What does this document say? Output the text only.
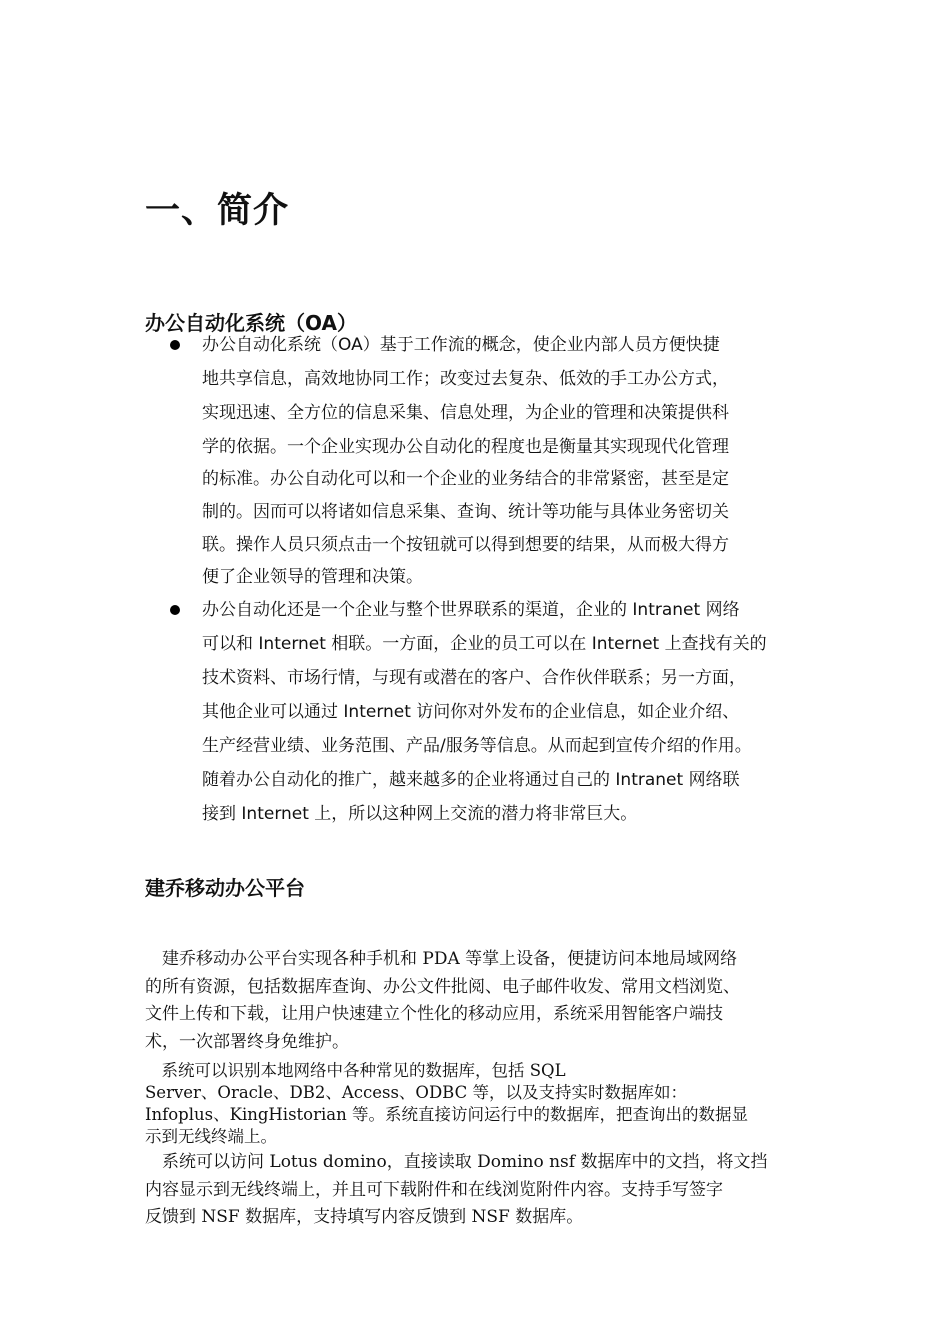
一、简介
办公自动化系统（OA）

办公自动化系统（OA）基于工作流的概念，使企业内部人员方便快捷

地共享信息，高效地协同工作；改变过去复杂、低效的手工办公方式，

实现迅速、全方位的信息采集、信息处理，为企业的管理和决策提供科

学的依据。一个企业实现办公自动化的程度也是衡量其实现现代化管理

的标准。办公自动化可以和一个企业的业务结合的非常紧密，甚至是定

制的。因而可以将诸如信息采集、查询、统计等功能与具体业务密切关

联。操作人员只须点击一个按钮就可以得到想要的结果，从而极大得方

便了企业领导的管理和决策。

办公自动化还是一个企业与整个世界联系的渠道，企业的 Intranet 网络

可以和 Internet 相联。一方面，企业的员工可以在 Internet 上查找有关的

技术资料、市场行情，与现有或潜在的客户、合作伙伴联系；另一方面，

其他企业可以通过 Internet 访问你对外发布的企业信息，如企业介绍、

生产经营业绩、业务范围、产品/服务等信息。从而起到宣传介绍的作用。

随着办公自动化的推广，越来越多的企业将通过自己的 Intranet 网络联

接到 Internet 上，所以这种网上交流的潜力将非常巨大。

建乔移动办公平台

　建乔移动办公平台实现各种手机和 PDA 等掌上设备，便捷访问本地局域网络

的所有资源，包括数据库查询、办公文件批阅、电子邮件收发、常用文档浏览、

文件上传和下载，让用户快速建立个性化的移动应用，系统采用智能客户端技

术，一次部署终身免维护。

　系统可以识别本地网络中各种常见的数据库，包括 SQL

Server、Oracle、DB2、Access、ODBC 等，以及支持实时数据库如：

Infoplus、KingHistorian 等。系统直接访问运行中的数据库，把查询出的数据显

示到无线终端上。

　系统可以访问 Lotus domino，直接读取 Domino nsf 数据库中的文挡，将文挡

内容显示到无线终端上，并且可下载附件和在线浏览附件内容。支持手写签字

反馈到 NSF 数据库，支持填写内容反馈到 NSF 数据库。
